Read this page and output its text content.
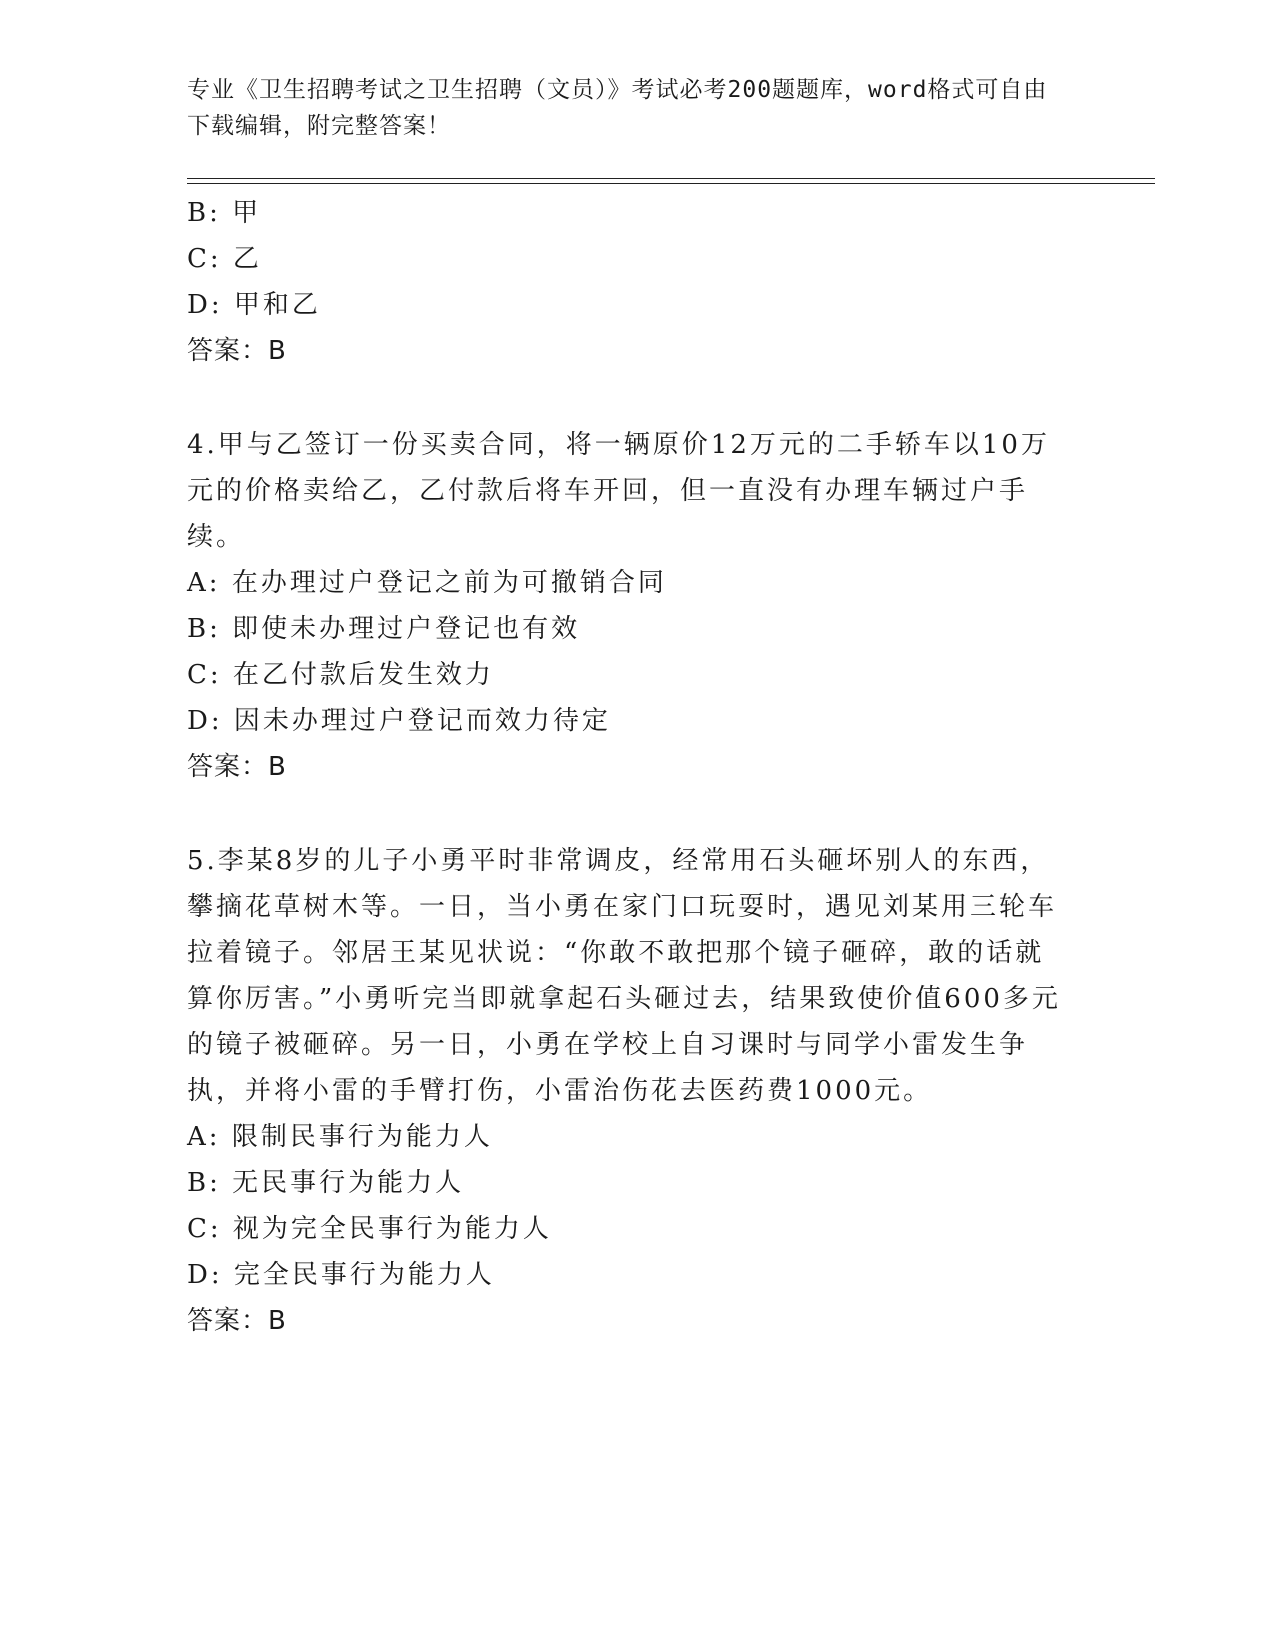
专业《卫生招聘考试之卫生招聘（文员）》考试必考200题题库，word格式可自由下载编辑，附完整答案！
B: 甲
C: 乙
D: 甲和乙
答案：B
4.甲与乙签订一份买卖合同，将一辆原价12万元的二手轿车以10万元的价格卖给乙，乙付款后将车开回，但一直没有办理车辆过户手续。
A: 在办理过户登记之前为可撤销合同
B: 即使未办理过户登记也有效
C: 在乙付款后发生效力
D: 因未办理过户登记而效力待定
答案：B
5.李某8岁的儿子小勇平时非常调皮，经常用石头砸坏别人的东西，攀摘花草树木等。一日，当小勇在家门口玩耍时，遇见刘某用三轮车拉着镜子。邻居王某见状说：“你敢不敢把那个镜子砸碎，敢的话就算你厉害。”小勇听完当即就拿起石头砸过去，结果致使价值600多元的镜子被砸碎。另一日，小勇在学校上自习课时与同学小雷发生争执，并将小雷的手臂打伤，小雷治伤花去医药费1000元。
A: 限制民事行为能力人
B: 无民事行为能力人
C: 视为完全民事行为能力人
D: 完全民事行为能力人
答案：B
